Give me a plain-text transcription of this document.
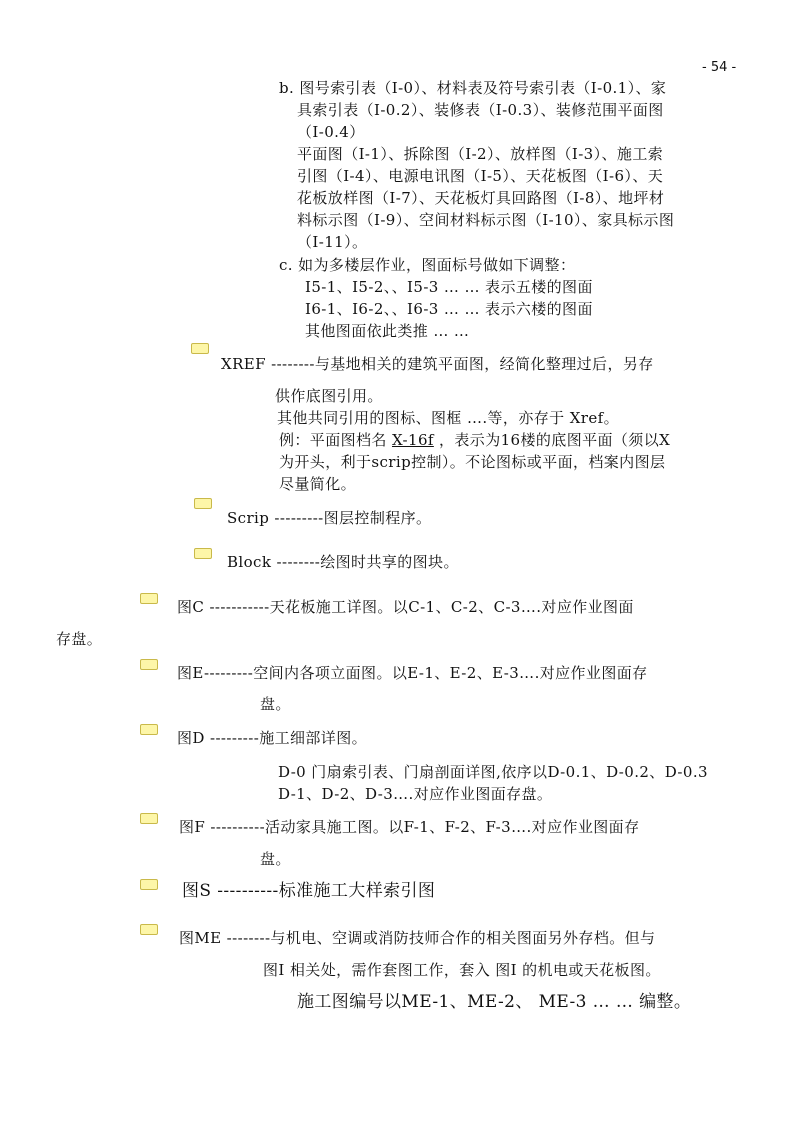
- 54 -
b. 图号索引表（I-0）、材料表及符号索引表（I-0.1）、家
具索引表（I-0.2）、装修表（I-0.3）、装修范围平面图
（I-0.4）
平面图（I-1）、拆除图（I-2）、放样图（I-3）、施工索
引图（I-4）、电源电讯图（I-5）、天花板图（I-6）、天
花板放样图（I-7）、天花板灯具回路图（I-8）、地坪材
料标示图（I-9）、空间材料标示图（I-10）、家具标示图
（I-11）。
c. 如为多楼层作业，图面标号做如下调整：
I5-1、I5-2、、I5-3 … … 表示五楼的图面
I6-1、I6-2、、I6-3 … … 表示六楼的图面
其他图面依此类推 … …
XREF --------与基地相关的建筑平面图，经简化整理过后，另存
供作底图引用。
其他共同引用的图标、图框 ….等，亦存于 Xref。
例：平面图档名 X-16f ，表示为16楼的底图平面（须以X
为开头，利于scrip控制）。不论图标或平面，档案内图层
尽量简化。
Scrip ---------图层控制程序。
Block --------绘图时共享的图块。
图C -----------天花板施工详图。以C-1、C-2、C-3….对应作业图面
存盘。
图E---------空间内各项立面图。以E-1、E-2、E-3….对应作业图面存
盘。
图D ---------施工细部详图。
D-0 门扇索引表、门扇剖面详图,依序以D-0.1、D-0.2、D-0.3
D-1、D-2、D-3….对应作业图面存盘。
图F ----------活动家具施工图。以F-1、F-2、F-3….对应作业图面存
盘。
图S ----------标准施工大样索引图
图ME --------与机电、空调或消防技师合作的相关图面另外存档。但与
图I 相关处，需作套图工作，套入 图I 的机电或天花板图。
施工图编号以ME-1、ME-2、 ME-3 … … 编整。
